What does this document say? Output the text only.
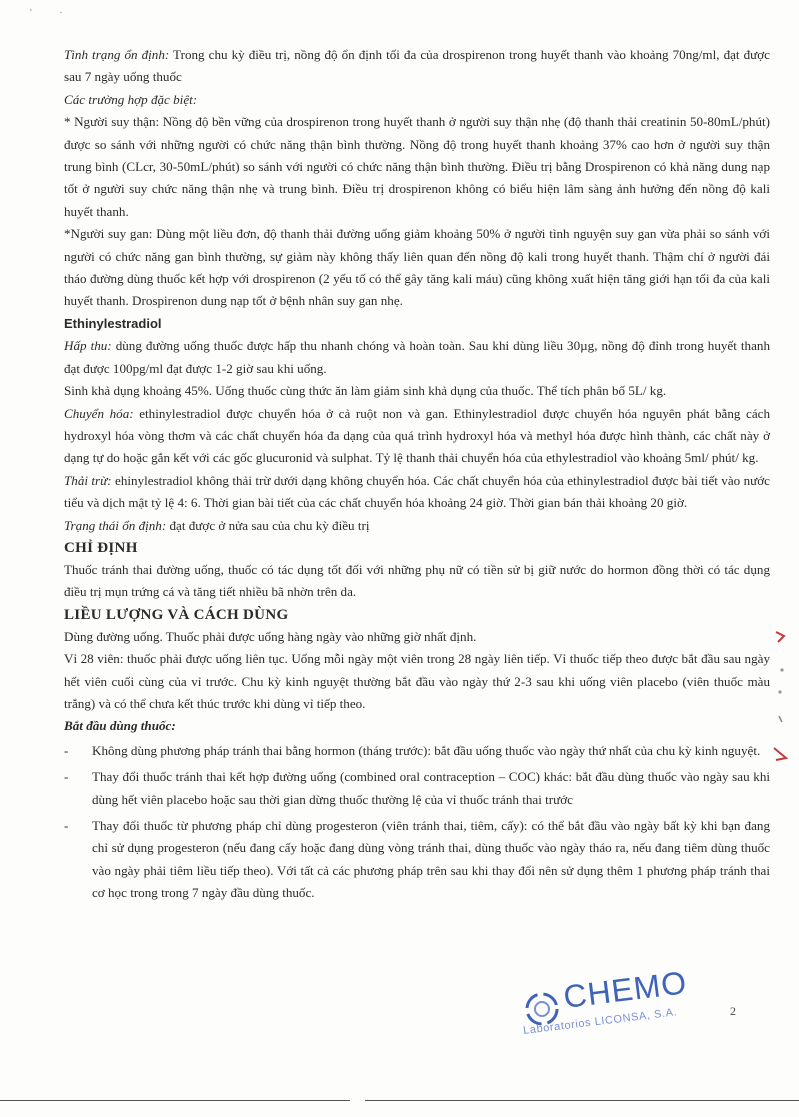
'           ·

Tình trạng ổn định: Trong chu kỳ điều trị, nồng độ ổn định tối đa của drospirenon trong huyết thanh vào khoảng 70ng/ml, đạt được sau 7 ngày uống thuốc

Các trường hợp đặc biệt:

* Người suy thận: Nồng độ bền vững của drospirenon trong huyết thanh ở người suy thận nhẹ (độ thanh thải creatinin 50-80mL/phút) được so sánh với những người có chức năng thận bình thường. Nồng độ trong huyết thanh khoảng 37% cao hơn ở người suy thận trung bình (CLcr, 30-50mL/phút) so sánh với người có chức năng thận bình thường. Điều trị bằng Drospirenon có khả năng dung nạp tốt ở người suy chức năng thận nhẹ và trung bình. Điều trị drospirenon không có biểu hiện lâm sàng ảnh hưởng đến nồng độ kali huyết thanh.

*Người suy gan: Dùng một liều đơn, độ thanh thải đường uống giảm khoảng 50% ở người tình nguyện suy gan vừa phải so sánh với người có chức năng gan bình thường, sự giảm này không thấy liên quan đến nồng độ kali trong huyết thanh. Thậm chí ở người đái tháo đường dùng thuốc kết hợp với drospirenon (2 yếu tố có thể gây tăng kali máu) cũng không xuất hiện tăng giới hạn tối đa của kali huyết thanh. Drospirenon dung nạp tốt ở bệnh nhân suy gan nhẹ.

Ethinylestradiol

Hấp thu: dùng đường uống thuốc được hấp thu nhanh chóng và hoàn toàn. Sau khi dùng liều 30µg, nồng độ đỉnh trong huyết thanh đạt được 100pg/ml đạt được 1-2 giờ sau khi uống.

Sinh khả dụng khoảng 45%. Uống thuốc cùng thức ăn làm giảm sinh khả dụng của thuốc. Thể tích phân bố 5L/ kg.

Chuyển hóa: ethinylestradiol được chuyển hóa ở cả ruột non và gan. Ethinylestradiol được chuyển hóa nguyên phát bằng cách hydroxyl hóa vòng thơm và các chất chuyển hóa đa dạng của quá trình hydroxyl hóa và methyl hóa được hình thành, các chất này ở dạng tự do hoặc gắn kết với các gốc glucuronid và sulphat. Tỷ lệ thanh thải chuyển hóa của ethylestradiol vào khoảng 5ml/ phút/ kg.

Thải trừ: ehinylestradiol không thải trừ dưới dạng không chuyển hóa. Các chất chuyển hóa của ethinylestradiol được bài tiết vào nước tiểu và dịch mật tỷ lệ 4: 6. Thời gian bài tiết của các chất chuyển hóa khoảng 24 giờ. Thời gian bán thải khoảng 20 giờ.

Trạng thái ổn định: đạt được ở nửa sau của chu kỳ điều trị

CHỈ ĐỊNH

Thuốc tránh thai đường uống, thuốc có tác dụng tốt đối với những phụ nữ có tiền sử bị giữ nước do hormon đồng thời có tác dụng điều trị mụn trứng cá và tăng tiết nhiều bã nhờn trên da.

LIỀU LƯỢNG VÀ CÁCH DÙNG

Dùng đường uống. Thuốc phải được uống hàng ngày vào những giờ nhất định.

Vỉ 28 viên: thuốc phải được uống liên tục. Uống mỗi ngày một viên trong 28 ngày liên tiếp. Vỉ thuốc tiếp theo được bắt đầu sau ngày hết viên cuối cùng của vỉ trước. Chu kỳ kinh nguyệt thường bắt đầu vào ngày thứ 2-3 sau khi uống viên placebo (viên thuốc màu trắng) và có thể chưa kết thúc trước khi dùng vỉ tiếp theo.

Bắt đầu dùng thuốc:

- Không dùng phương pháp tránh thai bằng hormon (tháng trước): bắt đầu uống thuốc vào ngày thứ nhất của chu kỳ kinh nguyệt.
- Thay đổi thuốc tránh thai kết hợp đường uống (combined oral contraception – COC) khác: bắt đầu dùng thuốc vào ngày sau khi dùng hết viên placebo hoặc sau thời gian dừng thuốc thường lệ của vỉ thuốc tránh thai trước
- Thay đổi thuốc từ phương pháp chỉ dùng progesteron (viên tránh thai, tiêm, cấy): có thể bắt đầu vào ngày bất kỳ khi bạn đang chỉ sử dụng progesteron (nếu đang cấy hoặc đang dùng vòng tránh thai, dùng thuốc vào ngày tháo ra, nếu đang tiêm dùng thuốc vào ngày phải tiêm liều tiếp theo). Với tất cả các phương pháp trên sau khi thay đổi nên sử dụng thêm 1 phương pháp tránh thai cơ học trong trong 7 ngày đầu dùng thuốc.
CHEMO
Laboratorios LICONSA, S.A.	2
